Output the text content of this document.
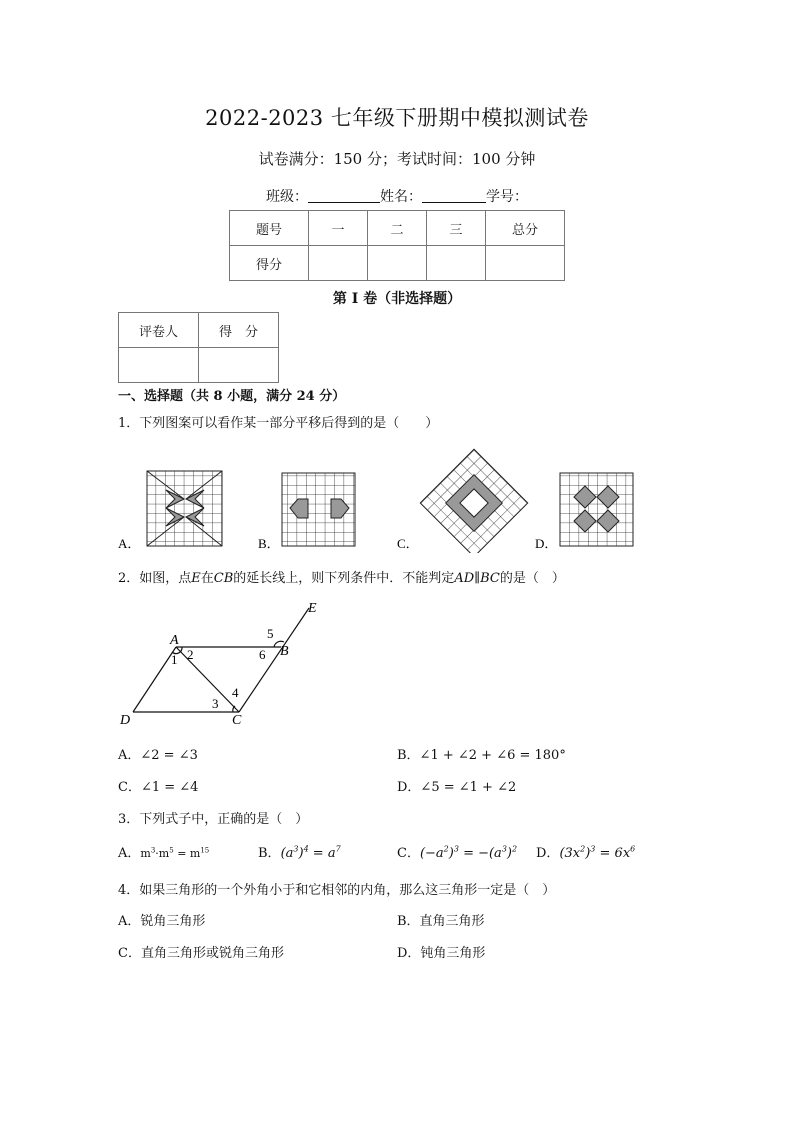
2022-2023 七年级下册期中模拟测试卷
试卷满分：150 分；考试时间：100 分钟
班级：	姓名：	学号：
题号	一	二	三	总分
得分				
第 I 卷（非选择题）
评卷人	得　分

一、选择题（共 8 小题，满分 24 分）
1．下列图案可以看作某一部分平移后得到的是（　　）
A．	B．	C．	D．
2．如图，点E在CB的延长线上，则下列条件中．不能判定AD∥BC的是（　）
A
B
C
D
E
1 2
3
4
5
6
A．∠2 = ∠3	B．∠1 + ∠2 + ∠6 = 180°
C．∠1 = ∠4	D．∠5 = ∠1 + ∠2
3．下列式子中，正确的是（　）
A．$m^3\cdot m^5 = m^{15}$	B．$(a^3)^4 = a^7$	C．$(-a^2)^3 = -(a^3)^2$ D．$(3x^2)^3 = 6x^6$
4．如果三角形的一个外角小于和它相邻的内角，那么这三角形一定是（　）
A．锐角三角形	B．直角三角形
C．直角三角形或锐角三角形	D．钝角三角形
